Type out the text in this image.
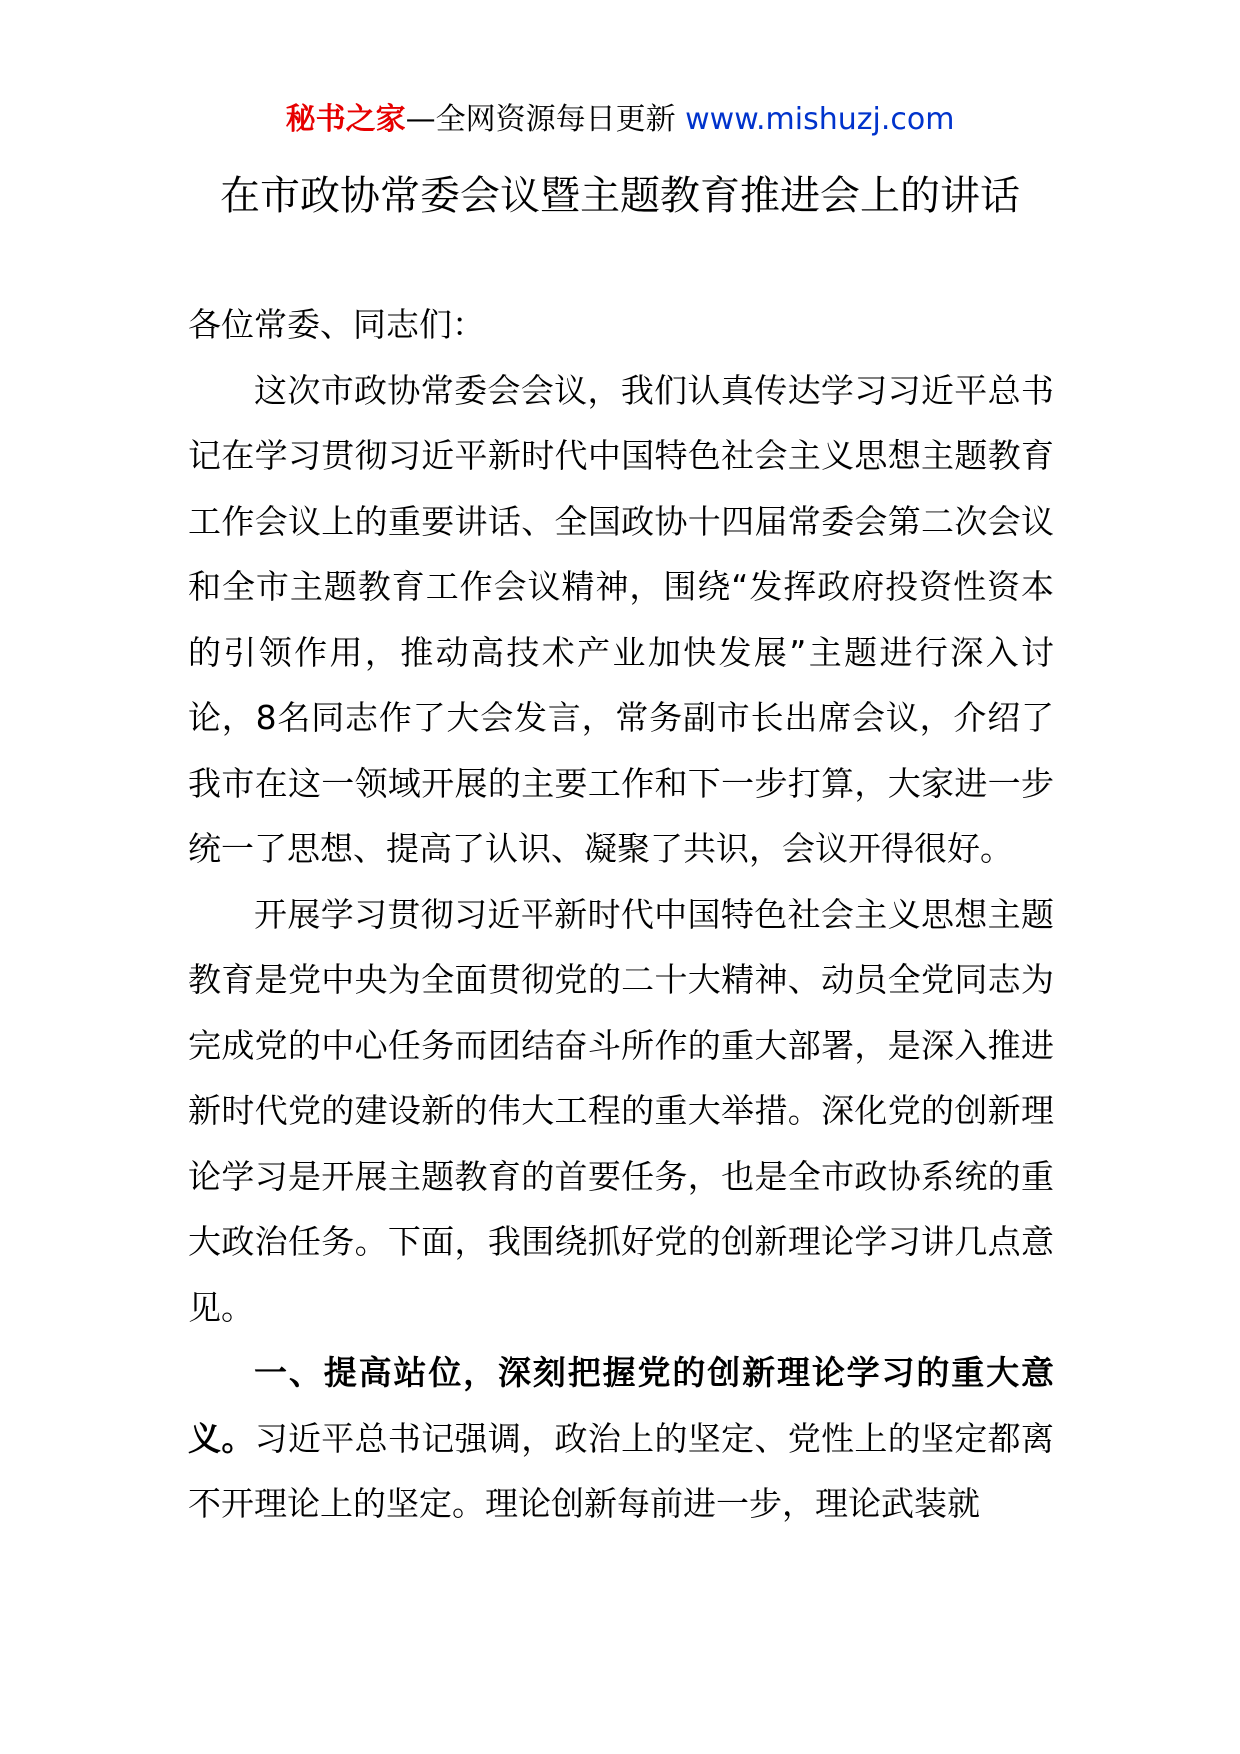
秘书之家—全网资源每日更新 www.mishuzj.com
在市政协常委会议暨主题教育推进会上的讲话

各位常委、同志们：

这次市政协常委会会议，我们认真传达学习习近平总书记在学习贯彻习近平新时代中国特色社会主义思想主题教育工作会议上的重要讲话、全国政协十四届常委会第二次会议和全市主题教育工作会议精神，围绕“发挥政府投资性资本的引领作用，推动高技术产业加快发展”主题进行深入讨论，8名同志作了大会发言，常务副市长出席会议，介绍了我市在这一领域开展的主要工作和下一步打算，大家进一步统一了思想、提高了认识、凝聚了共识，会议开得很好。

开展学习贯彻习近平新时代中国特色社会主义思想主题教育是党中央为全面贯彻党的二十大精神、动员全党同志为完成党的中心任务而团结奋斗所作的重大部署，是深入推进新时代党的建设新的伟大工程的重大举措。深化党的创新理论学习是开展主题教育的首要任务，也是全市政协系统的重大政治任务。下面，我围绕抓好党的创新理论学习讲几点意见。

一、提高站位，深刻把握党的创新理论学习的重大意义。习近平总书记强调，政治上的坚定、党性上的坚定都离不开理论上的坚定。理论创新每前进一步，理论武装就
